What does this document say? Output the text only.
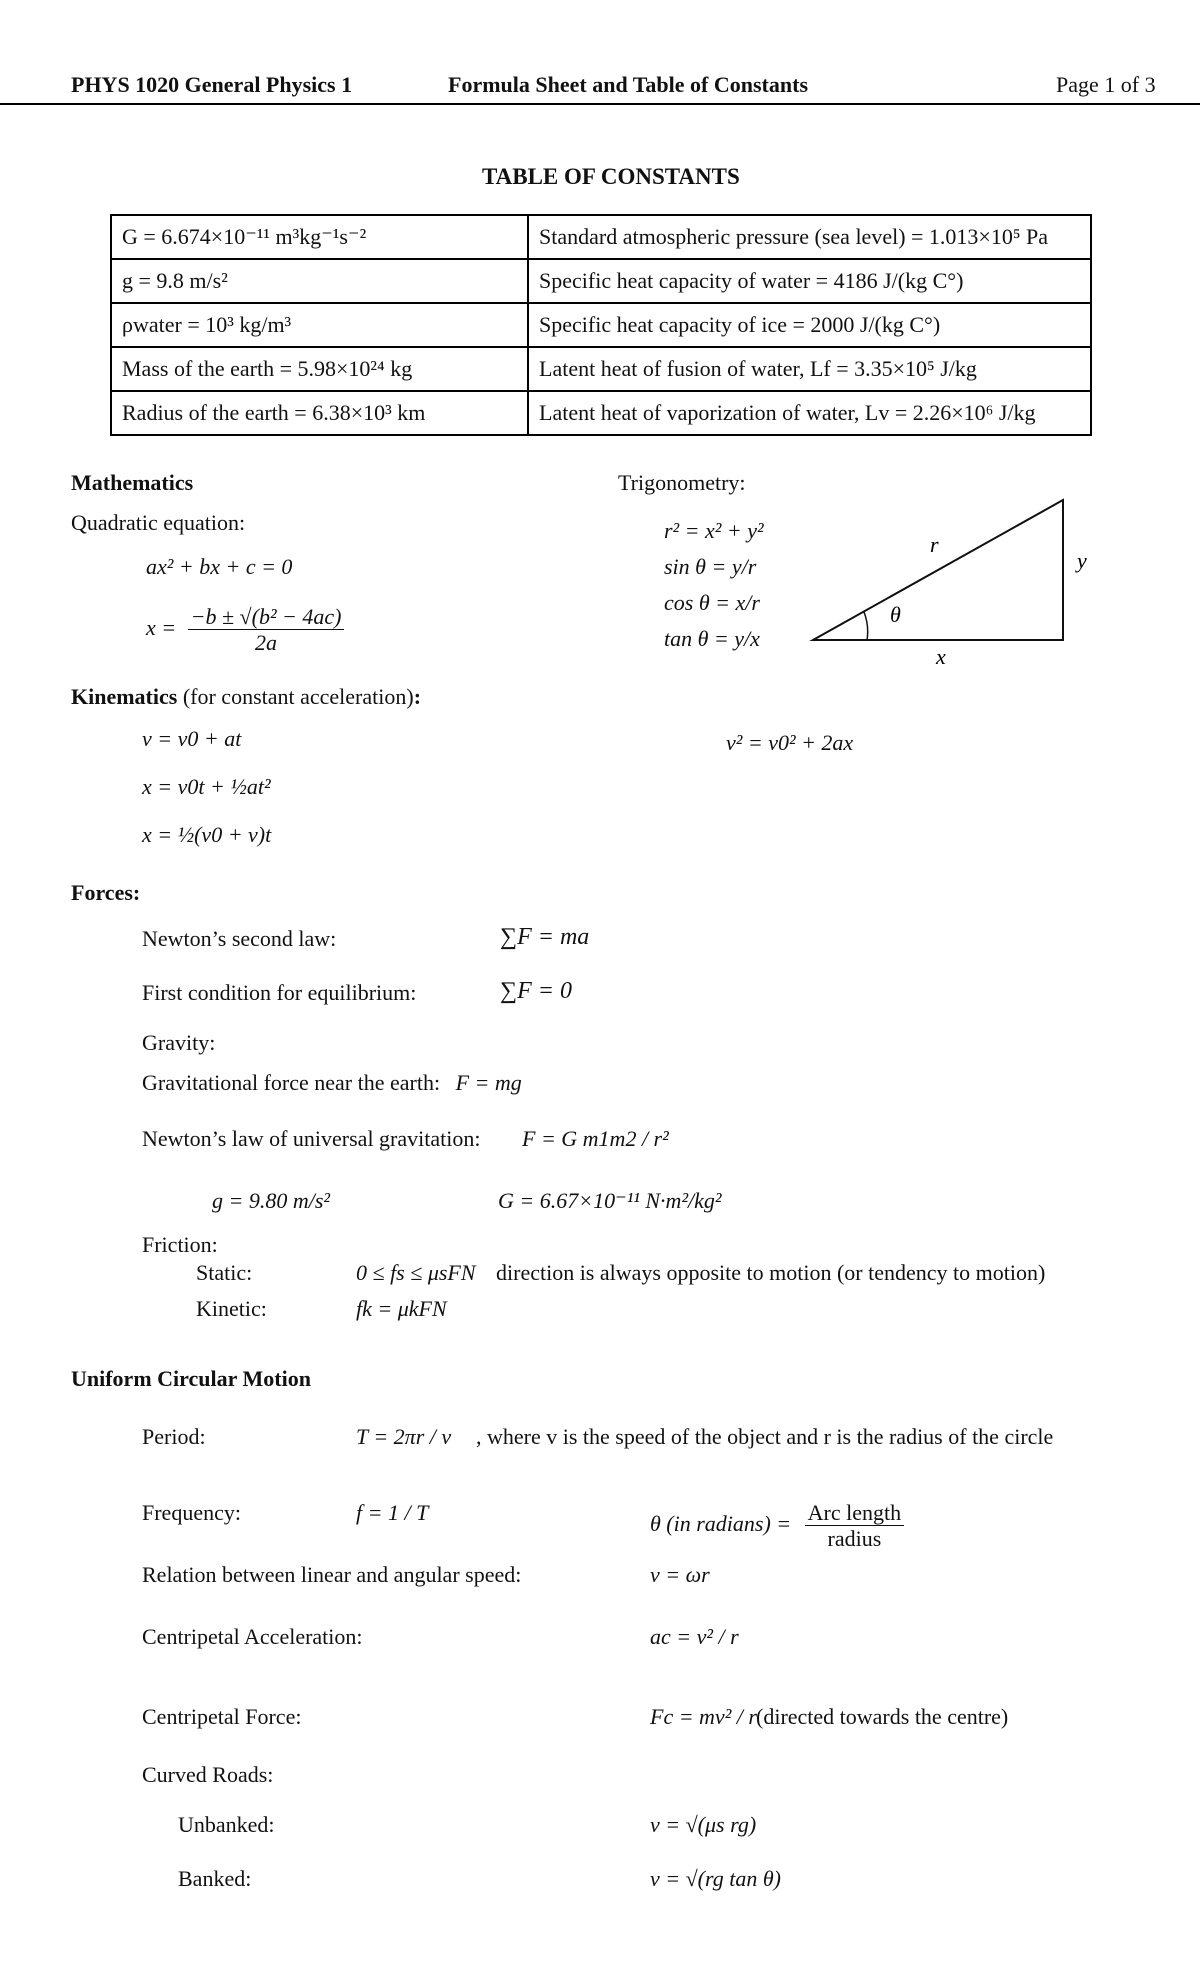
PHYS 1020 General Physics 1	Formula Sheet and Table of Constants	Page 1 of 3
TABLE OF CONSTANTS
G = 6.674×10⁻¹¹ m³kg⁻¹s⁻²	Standard atmospheric pressure (sea level) = 1.013×10⁵ Pa
g = 9.8 m/s²	Specific heat capacity of water = 4186 J/(kg C°)
ρwater = 10³ kg/m³	Specific heat capacity of ice = 2000 J/(kg C°)
Mass of the earth = 5.98×10²⁴ kg	Latent heat of fusion of water, Lf = 3.35×10⁵ J/kg
Radius of the earth = 6.38×10³ km	Latent heat of vaporization of water, Lv = 2.26×10⁶ J/kg
Mathematics
Quadratic equation:
ax² + bx + c = 0
$x = \frac{\text{−b ± √(b² − 4ac)}}{2a}$
Trigonometry:
r² = x² + y²
sin θ = y/r
cos θ = x/r
tan θ = y/x
r
y
x
θ
Kinematics (for constant acceleration):
v = v0 + at
x = v0t + ½at²
x = ½(v0 + v)t
v² = v0² + 2ax
Forces:
Newton’s second law:	∑F = ma
First condition for equilibrium:	∑F = 0
Gravity:
Gravitational force near the earth: F = mg
Newton’s law of universal gravitation: F = G m1m2 / r²
g = 9.80 m/s²	G = 6.67×10⁻¹¹ N·m²/kg²
Friction:
Static:	0 ≤ fs ≤ μsFN direction is always opposite to motion (or tendency to motion)
Kinetic:	fk = μkFN
Uniform Circular Motion
Period:	T = 2πr / v , where v is the speed of the object and r is the radius of the circle
Frequency:	f = 1 / T	θ (in radians) = $\frac{\text{Arc length}}{\text{radius}}$
Relation between linear and angular speed:	v = ωr
Centripetal Acceleration:	ac = v² / r
Centripetal Force:	Fc = mv² / r (directed towards the centre)
Curved Roads:
Unbanked:	v = √(μs rg)
Banked:	v = √(rg tan θ)
